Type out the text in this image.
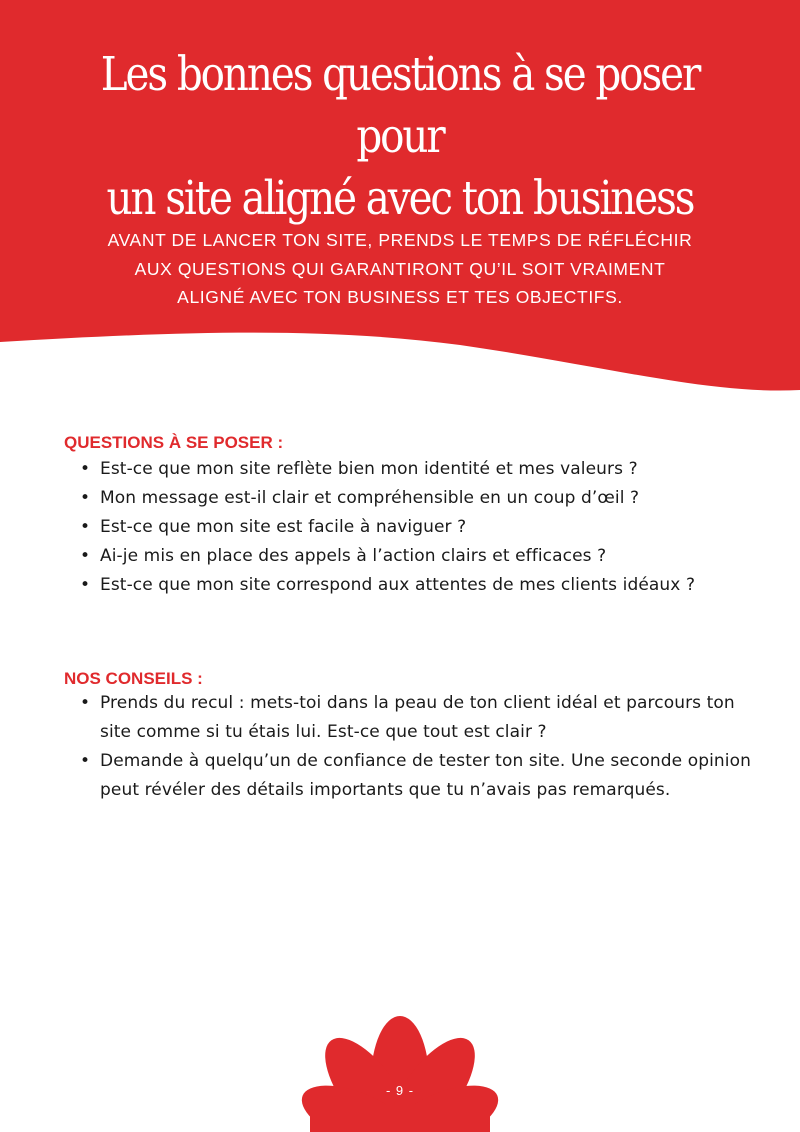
Les bonnes questions à se poser pour
un site aligné avec ton business

AVANT DE LANCER TON SITE, PRENDS LE TEMPS DE RÉFLÉCHIR
AUX QUESTIONS QUI GARANTIRONT QU’IL SOIT VRAIMENT
ALIGNÉ AVEC TON BUSINESS ET TES OBJECTIFS.

QUESTIONS À SE POSER :
• Est-ce que mon site reflète bien mon identité et mes valeurs ?
• Mon message est-il clair et compréhensible en un coup d’œil ?
• Est-ce que mon site est facile à naviguer ?
• Ai-je mis en place des appels à l’action clairs et efficaces ?
• Est-ce que mon site correspond aux attentes de mes clients idéaux ?
NOS CONSEILS :
• Prends du recul : mets-toi dans la peau de ton client idéal et parcours ton site comme si tu étais lui. Est-ce que tout est clair ?
• Demande à quelqu’un de confiance de tester ton site. Une seconde opinion peut révéler des détails importants que tu n’avais pas remarqués.

- 9 -
